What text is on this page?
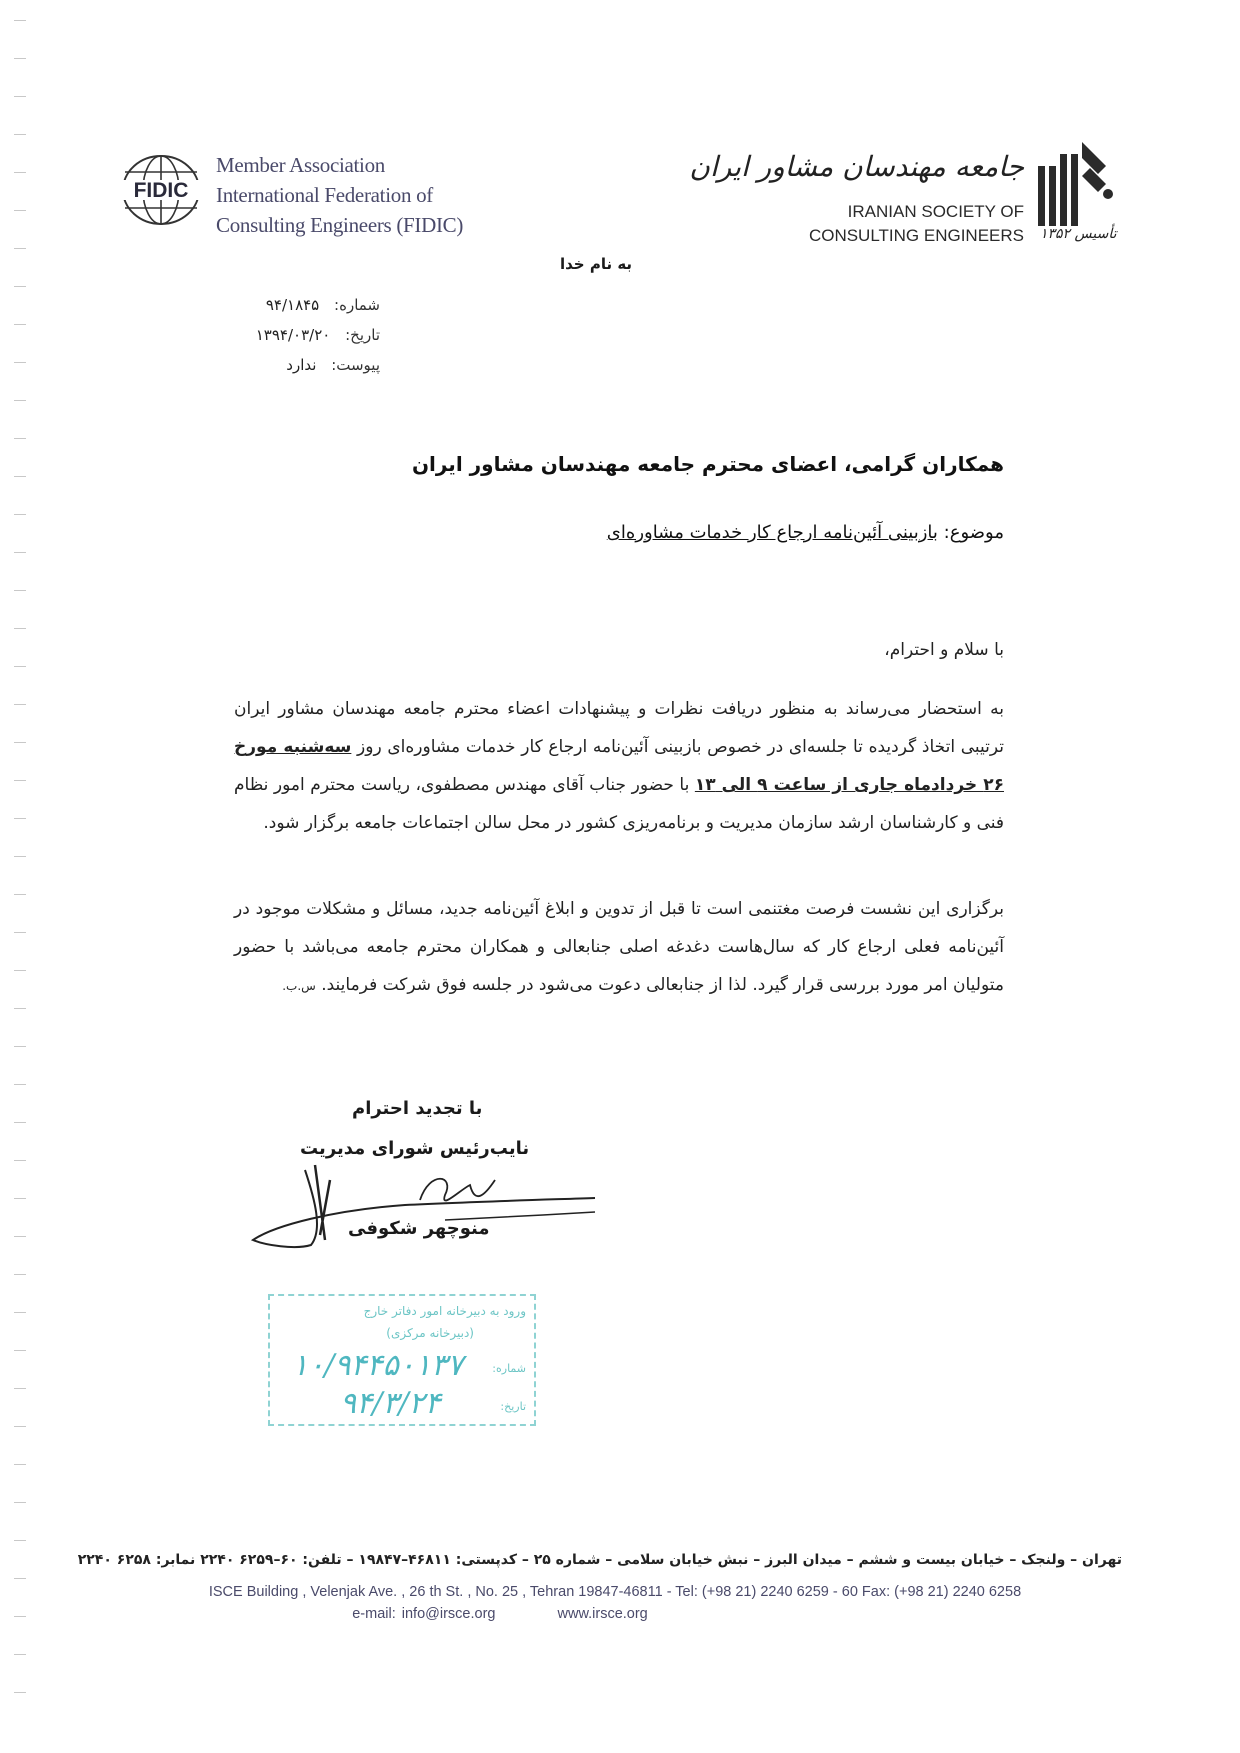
FIDIC
Member Association
International Federation of
Consulting Engineers (FIDIC)
جامعه مهندسان مشاور ایران
IRANIAN SOCIETY OF
CONSULTING ENGINEERS تأسیس ۱۳۵۲
به نام خدا
شماره: ۹۴/۱۸۴۵
تاریخ: ۱۳۹۴/۰۳/۲۰
پیوست: ندارد
همکاران گرامی، اعضای محترم جامعه مهندسان مشاور ایران
موضوع: بازبینی آئین‌نامه ارجاع کار خدمات مشاوره‌ای
با سلام و احترام،
به استحضار می‌رساند به منظور دریافت نظرات و پیشنهادات اعضاء محترم جامعه مهندسان مشاور ایران ترتیبی اتخاذ گردیده تا جلسه‌ای در خصوص بازبینی آئین‌نامه ارجاع کار خدمات مشاوره‌ای روز سه‌شنبه مورخ ۲۶ خردادماه جاری از ساعت ۹ الی ۱۳ با حضور جناب آقای مهندس مصطفوی، ریاست محترم امور نظام فنی و کارشناسان ارشد سازمان مدیریت و برنامه‌ریزی کشور در محل سالن اجتماعات جامعه برگزار شود.
برگزاری این نشست فرصت مغتنمی است تا قبل از تدوین و ابلاغ آئین‌نامه جدید، مسائل و مشکلات موجود در آئین‌نامه فعلی ارجاع کار که سال‌هاست دغدغه اصلی جنابعالی و همکاران محترم جامعه می‌باشد با حضور متولیان امر مورد بررسی قرار گیرد. لذا از جنابعالی دعوت می‌شود در جلسه فوق شرکت فرمایند. س.ب.
با تجدید احترام
نایب‌رئیس شورای مدیریت
منوچهر شکوفی
ورود به دبیرخانه امور دفاتر خارج
(دبیرخانه مرکزی)
شماره:
۱۰/۹۴۴۵۰۱۳۷
تاریخ:
۹۴/۳/۲۴
تهران – ولنجک – خیابان بیست و ششم – میدان البرز – نبش خیابان سلامی – شماره ۲۵ – کدپستی: ۴۶۸۱۱–۱۹۸۴۷ – تلفن: ۶۰–۶۲۵۹ ۲۲۴۰ نمابر: ۶۲۵۸ ۲۲۴۰
ISCE Building , Velenjak Ave. , 26 th St. , No. 25 , Tehran 19847-46811 - Tel: (+98 21) 2240 6259 - 60 Fax: (+98 21) 2240 6258
e-mail: info@irsce.org	www.irsce.org
